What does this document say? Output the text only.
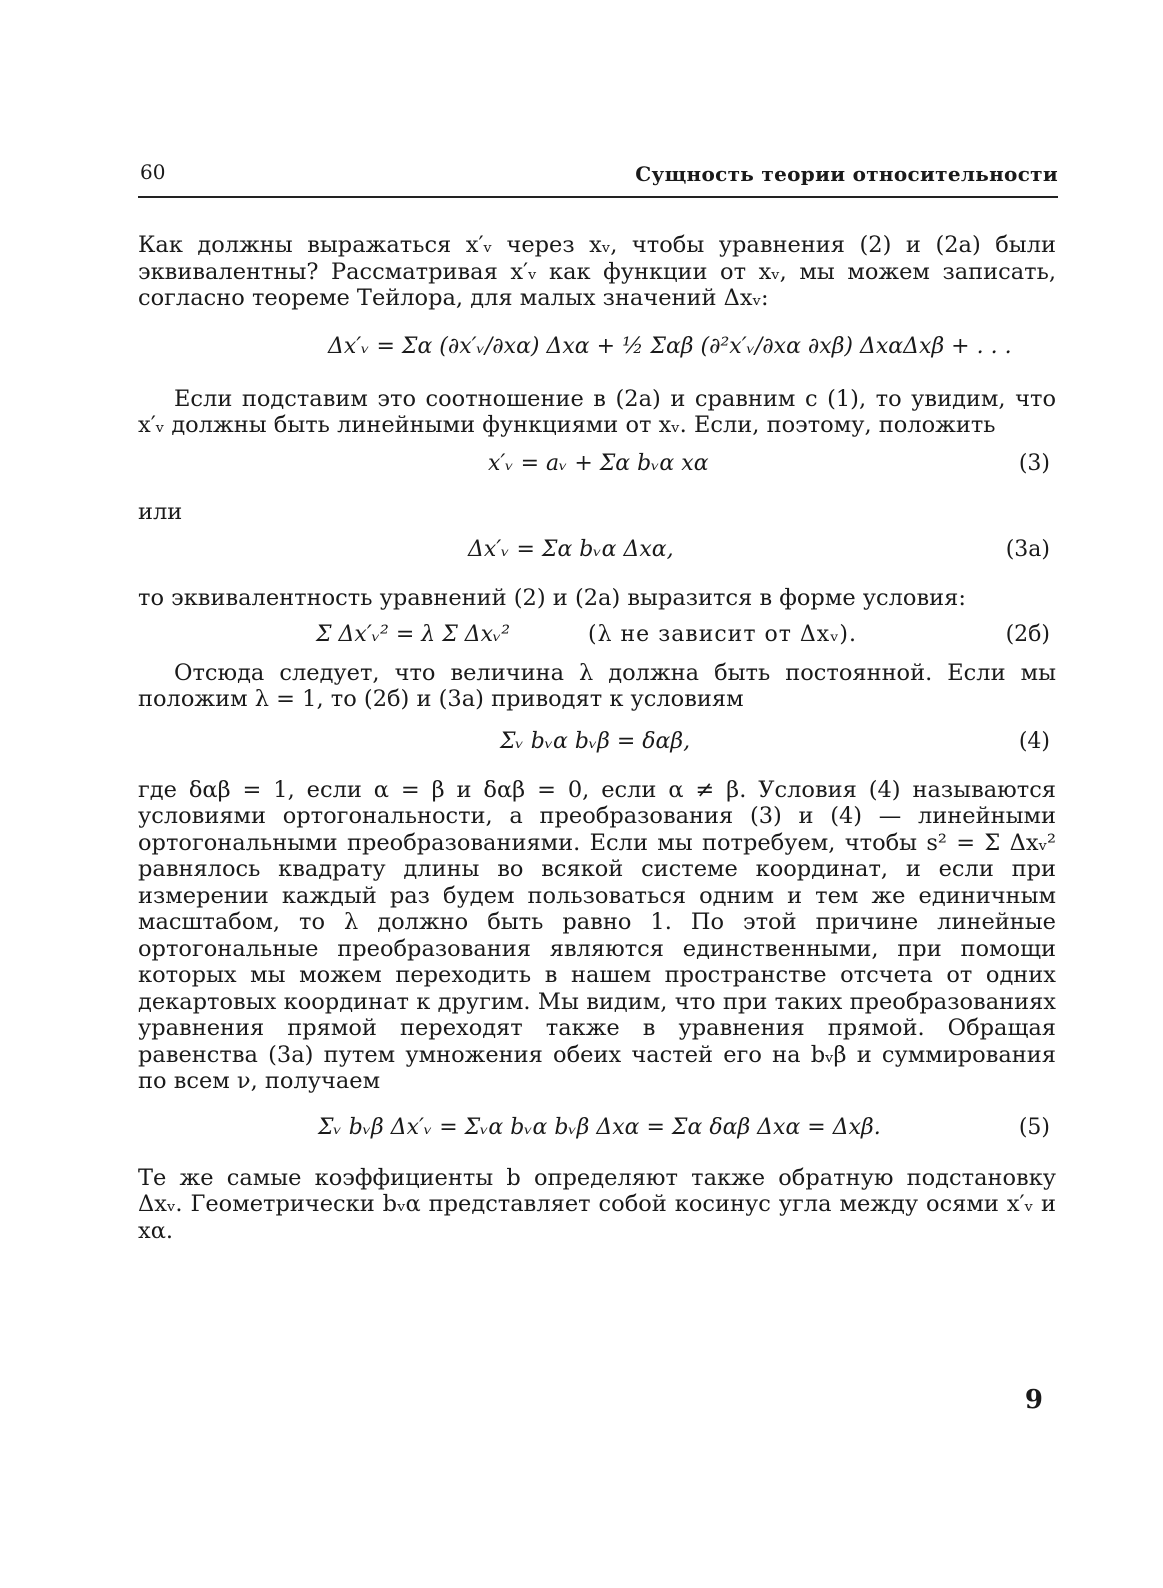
60	Сущность теории относительности

Как должны выражаться x′ᵥ через xᵥ, чтобы уравнения (2) и (2а) были эквивалентны? Рассматривая x′ᵥ как функции от xᵥ, мы можем записать, согласно теореме Тейлора, для малых значений Δxᵥ:

Δx′ᵥ = Σα (∂x′ᵥ/∂xα) Δxα + ½ Σαβ (∂²x′ᵥ/∂xα ∂xβ) ΔxαΔxβ + . . .

Если подставим это соотношение в (2а) и сравним с (1), то увидим, что x′ᵥ должны быть линейными функциями от xᵥ. Если, поэтому, положить

x′ᵥ = aᵥ + Σα bᵥα xα	(3)

или

Δx′ᵥ = Σα bᵥα Δxα,	(3а)

то эквивалентность уравнений (2) и (2а) выразится в форме условия:

Σ Δx′ᵥ² = λ Σ Δxᵥ²	(λ не зависит от Δxᵥ).	(2б)

Отсюда следует, что величина λ должна быть постоянной. Если мы положим λ = 1, то (2б) и (3а) приводят к условиям

Σᵥ bᵥα bᵥβ = δαβ,	(4)

где δαβ = 1, если α = β и δαβ = 0, если α ≠ β. Условия (4) называются условиями ортогональности, а преобразования (3) и (4) — линейными ортогональными преобразованиями. Если мы потребуем, чтобы s² = Σ Δxᵥ² равнялось квадрату длины во всякой системе координат, и если при измерении каждый раз будем пользоваться одним и тем же единичным масштабом, то λ должно быть равно 1. По этой причине линейные ортогональные преобразования являются единственными, при помощи которых мы можем переходить в нашем пространстве отсчета от одних декартовых координат к другим. Мы видим, что при таких преобразованиях уравнения прямой переходят также в уравнения прямой. Обращая равенства (3а) путем умножения обеих частей его на bᵥβ и суммирования по всем ν, получаем

Σᵥ bᵥβ Δx′ᵥ = Σᵥα bᵥα bᵥβ Δxα = Σα δαβ Δxα = Δxβ.	(5)

Те же самые коэффициенты b определяют также обратную подстановку Δxᵥ. Геометрически bᵥα представляет собой косинус угла между осями x′ᵥ и xα.

9
